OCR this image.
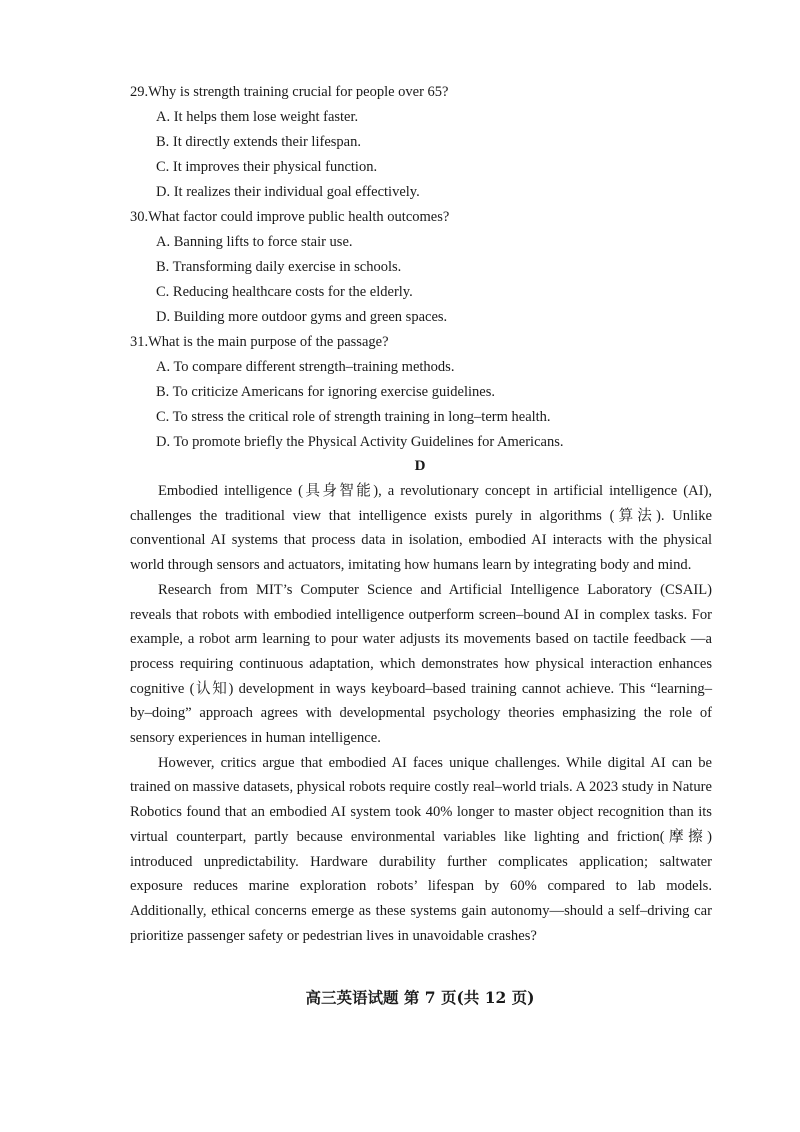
29.Why is strength training crucial for people over 65?
A. It helps them lose weight faster.
B. It directly extends their lifespan.
C. It improves their physical function.
D. It realizes their individual goal effectively.
30.What factor could improve public health outcomes?
A. Banning lifts to force stair use.
B. Transforming daily exercise in schools.
C. Reducing healthcare costs for the elderly.
D. Building more outdoor gyms and green spaces.
31.What is the main purpose of the passage?
A. To compare different strength–training methods.
B. To criticize Americans for ignoring exercise guidelines.
C. To stress the critical role of strength training in long–term health.
D. To promote briefly the Physical Activity Guidelines for Americans.
D

Embodied intelligence (具身智能), a revolutionary concept in artificial intelligence (AI), challenges the traditional view that intelligence exists purely in algorithms (算法). Unlike conventional AI systems that process data in isolation, embodied AI interacts with the physical world through sensors and actuators, imitating how humans learn by integrating body and mind.

Research from MIT’s Computer Science and Artificial Intelligence Laboratory (CSAIL) reveals that robots with embodied intelligence outperform screen–bound AI in complex tasks. For example, a robot arm learning to pour water adjusts its movements based on tactile feedback —a process requiring continuous adaptation, which demonstrates how physical interaction enhances cognitive (认知) development in ways keyboard–based training cannot achieve. This “learning–by–doing” approach agrees with developmental psychology theories emphasizing the role of sensory experiences in human intelligence.

However, critics argue that embodied AI faces unique challenges. While digital AI can be trained on massive datasets, physical robots require costly real–world trials. A 2023 study in Nature Robotics found that an embodied AI system took 40% longer to master object recognition than its virtual counterpart, partly because environmental variables like lighting and friction(摩擦) introduced unpredictability. Hardware durability further complicates application; saltwater exposure reduces marine exploration robots’ lifespan by 60% compared to lab models. Additionally, ethical concerns emerge as these systems gain autonomy—should a self–driving car prioritize passenger safety or pedestrian lives in unavoidable crashes?

高三英语试题 第 7 页(共 12 页)
